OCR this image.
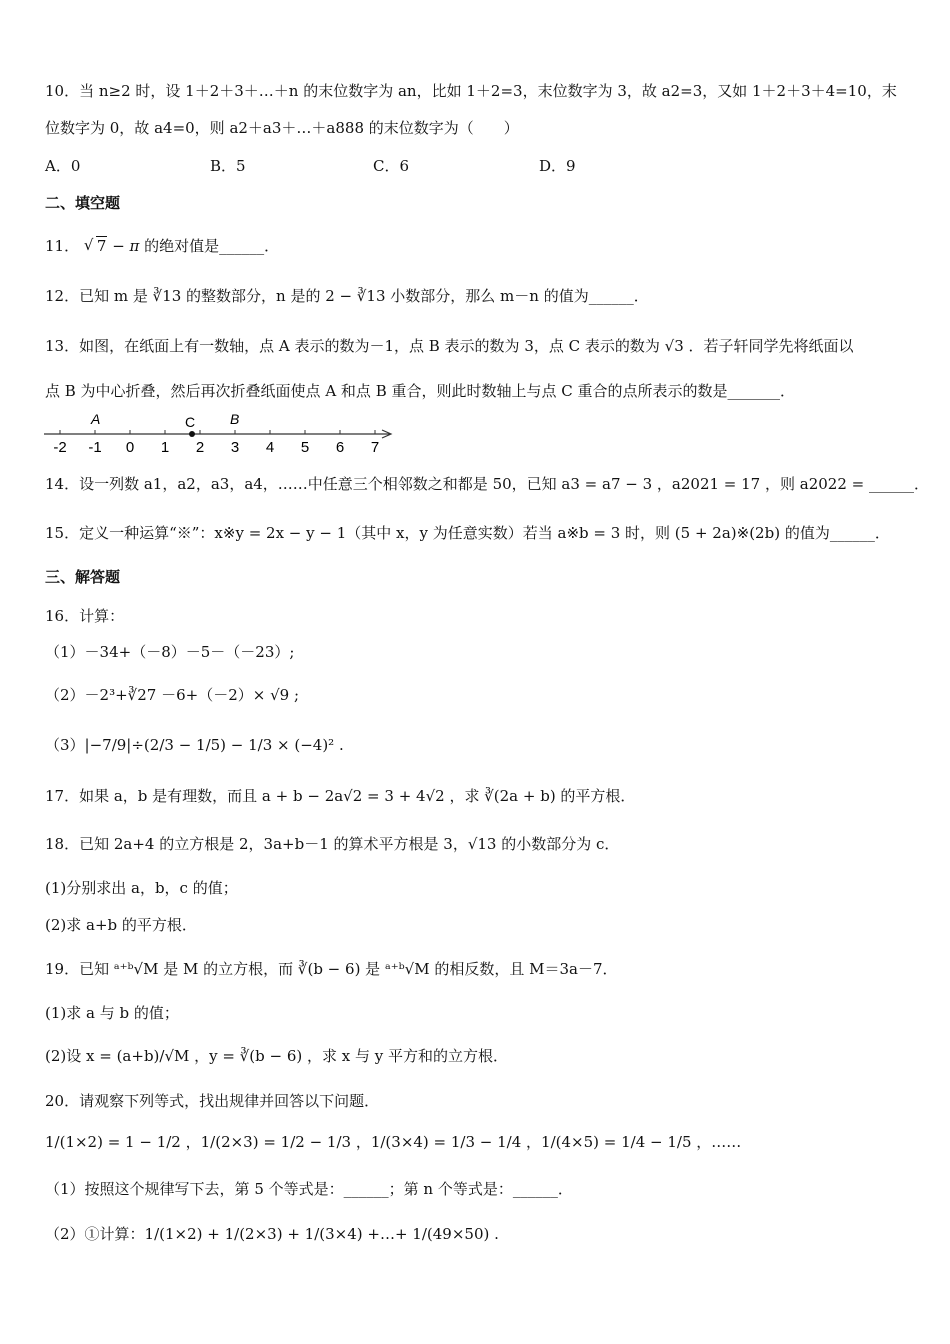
10．当 n≥2 时，设 1＋2＋3＋…＋n 的末位数字为 an，比如 1＋2=3，末位数字为 3，故 a2=3，又如 1＋2＋3＋4=10，末
位数字为 0，故 a4=0，则 a2＋a3＋…＋a888 的末位数字为（　　）
A．0	B．5	C．6	D．9
二、填空题
11． √ 7 − π 的绝对值是______．
12．已知 m 是 ∛13 的整数部分，n 是的 2 − ∛13 小数部分，那么 m－n 的值为______．
13．如图，在纸面上有一数轴，点 A 表示的数为－1，点 B 表示的数为 3，点 C 表示的数为 √3 ．若子轩同学先将纸面以
点 B 为中心折叠，然后再次折叠纸面使点 A 和点 B 重合，则此时数轴上与点 C 重合的点所表示的数是_______．
-2 -1 0 1 2 3 4 5 6 7
A	C B
14．设一列数 a1，a2，a3，a4，……中任意三个相邻数之和都是 50，已知 a3 = a7 − 3 ，a2021 = 17 ，则 a2022 = ______．
15．定义一种运算“※”：x※y = 2x − y − 1（其中 x，y 为任意实数）若当 a※b = 3 时，则 (5 + 2a)※(2b) 的值为______．
三、解答题
16．计算：
（1）－34+（－8）－5－（－23）;
（2）－2³+∛27 －6+（－2）× √9 ;
（3）|−7/9|÷(2/3 − 1/5) − 1/3 × (−4)² .
17．如果 a，b 是有理数，而且 a + b − 2a√2 = 3 + 4√2 ，求 ∛(2a + b) 的平方根．
18．已知 2a+4 的立方根是 2，3a+b－1 的算术平方根是 3，√13 的小数部分为 c．
(1)分别求出 a，b，c 的值；
(2)求 a+b 的平方根．
19．已知 ᵃ⁺ᵇ√M 是 M 的立方根，而 ∛(b − 6) 是 ᵃ⁺ᵇ√M 的相反数，且 M＝3a－7．
(1)求 a 与 b 的值；
(2)设 x = (a+b)/√M ，y = ∛(b − 6) ，求 x 与 y 平方和的立方根．
20．请观察下列等式，找出规律并回答以下问题．
1/(1×2) = 1 − 1/2 ，1/(2×3) = 1/2 − 1/3 ，1/(3×4) = 1/3 − 1/4 ，1/(4×5) = 1/4 − 1/5 ，……
（1）按照这个规律写下去，第 5 个等式是：______；第 n 个等式是：______．
（2）①计算：1/(1×2) + 1/(2×3) + 1/(3×4) +…+ 1/(49×50) .
